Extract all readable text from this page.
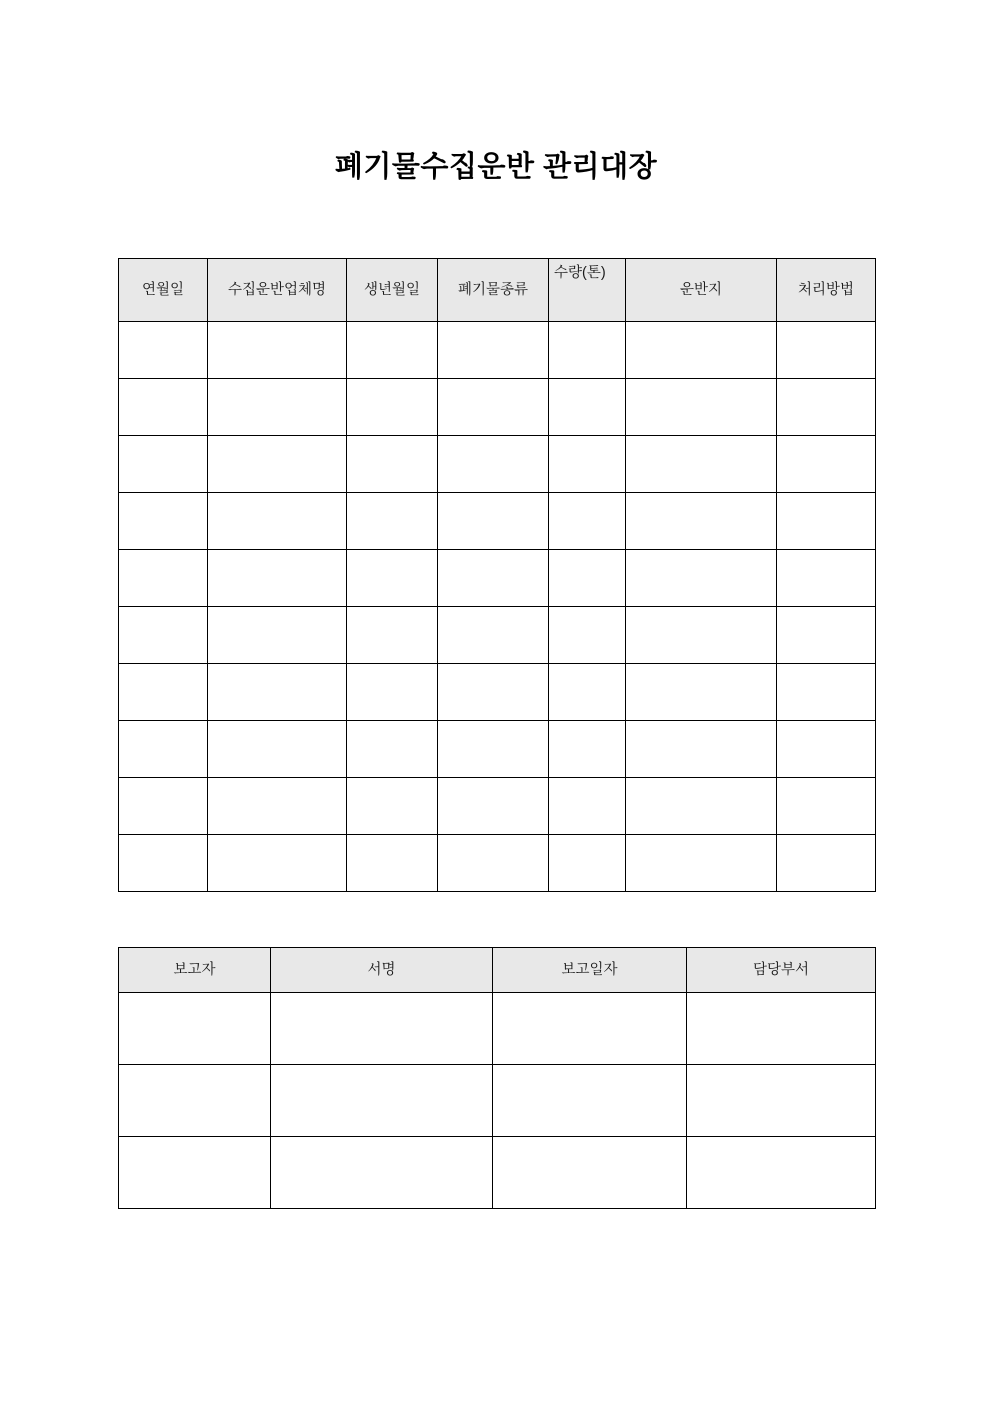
폐기물수집운반 관리대장
연월일	수집운반업체명	생년월일	폐기물종류	수량(톤)	운반지	처리방법

보고자	서명	보고일자	담당부서
